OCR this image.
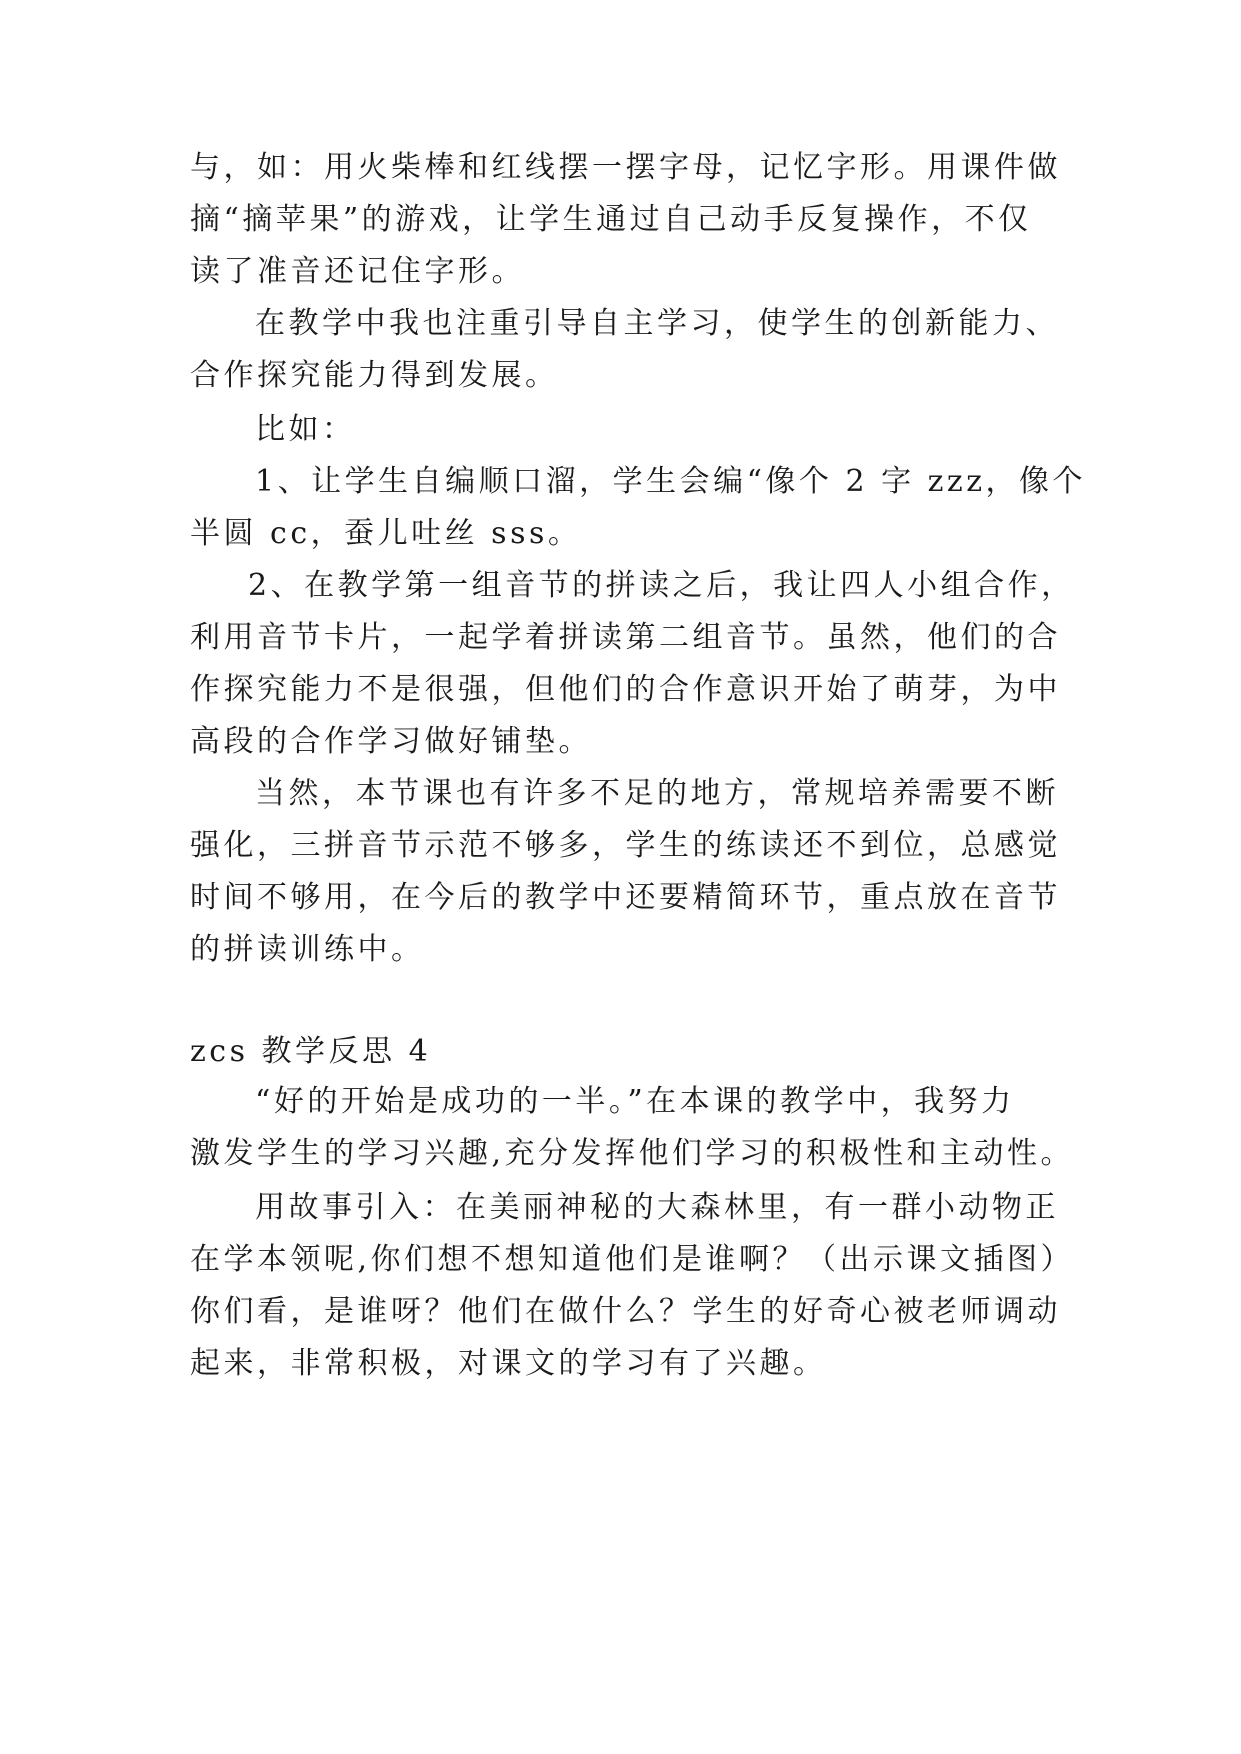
与，如：用火柴棒和红线摆一摆字母，记忆字形。用课件做
摘“摘苹果”的游戏，让学生通过自己动手反复操作，不仅
读了准音还记住字形。
在教学中我也注重引导自主学习，使学生的创新能力、
合作探究能力得到发展。
比如：
1、让学生自编顺口溜，学生会编“像个 2 字 zzz，像个
半圆 cc，蚕儿吐丝 sss。
2、在教学第一组音节的拼读之后，我让四人小组合作，
利用音节卡片，一起学着拼读第二组音节。虽然，他们的合
作探究能力不是很强，但他们的合作意识开始了萌芽，为中
高段的合作学习做好铺垫。
当然，本节课也有许多不足的地方，常规培养需要不断
强化，三拼音节示范不够多，学生的练读还不到位，总感觉
时间不够用，在今后的教学中还要精简环节，重点放在音节
的拼读训练中。
zcs 教学反思 4
“好的开始是成功的一半。”在本课的教学中，我努力
激发学生的学习兴趣,充分发挥他们学习的积极性和主动性。
用故事引入：在美丽神秘的大森林里，有一群小动物正
在学本领呢,你们想不想知道他们是谁啊？（出示课文插图）
你们看，是谁呀？他们在做什么？学生的好奇心被老师调动
起来，非常积极，对课文的学习有了兴趣。
